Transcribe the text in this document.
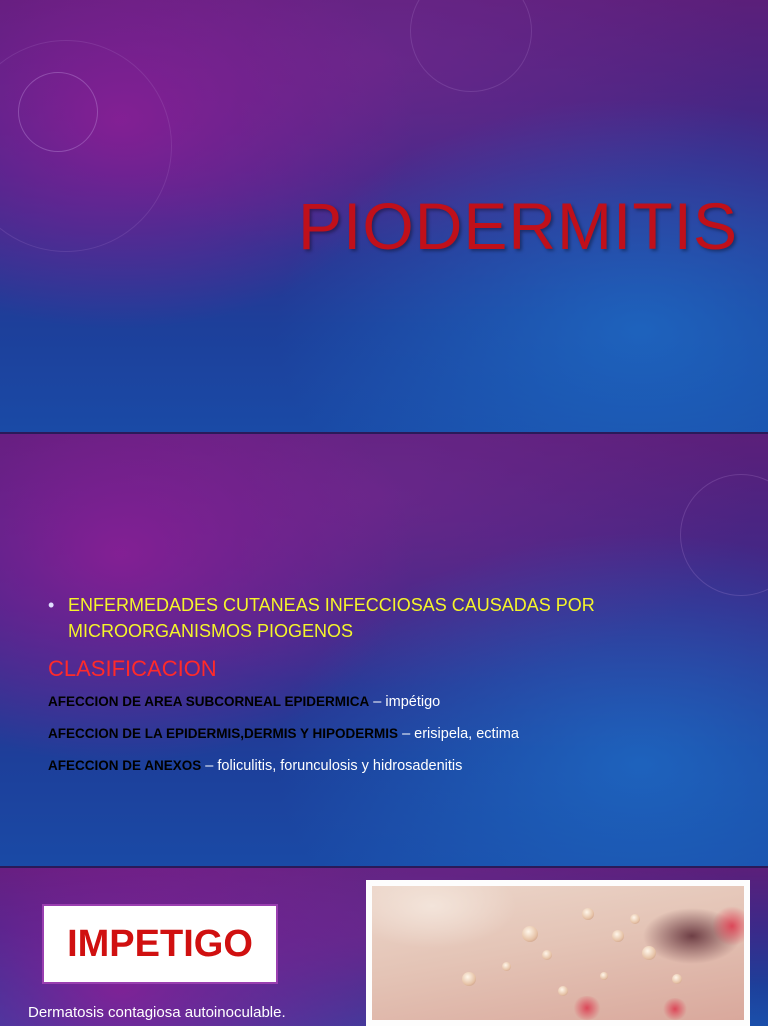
PIODERMITIS
• ENFERMEDADES CUTANEAS INFECCIOSAS CAUSADAS POR MICROORGANISMOS PIOGENOS
CLASIFICACION
AFECCION DE AREA SUBCORNEAL EPIDERMICA – impétigo
AFECCION DE LA EPIDERMIS,DERMIS Y HIPODERMIS – erisipela, ectima
AFECCION DE ANEXOS – foliculitis, forunculosis y hidrosadenitis
IMPETIGO
Dermatosis contagiosa autoinoculable.
